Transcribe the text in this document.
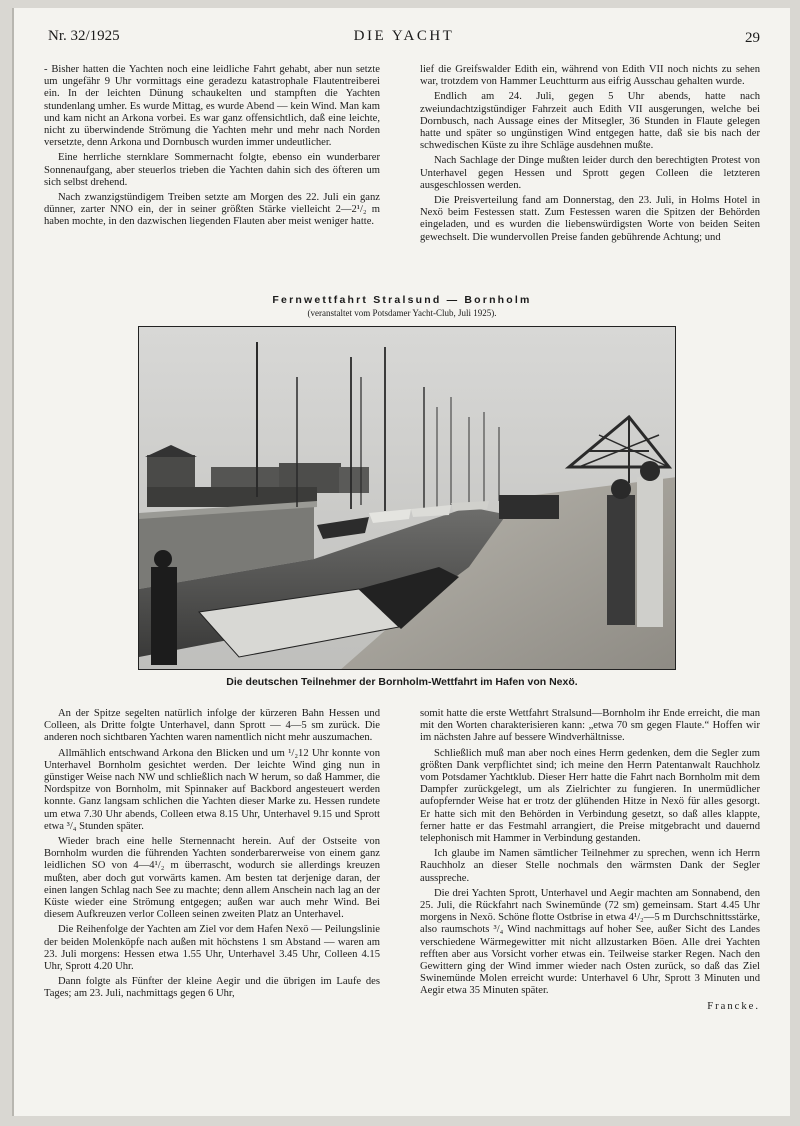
Nr. 32/1925	DIE YACHT	29

- Bisher hatten die Yachten noch eine leidliche Fahrt gehabt, aber nun setzte um ungefähr 9 Uhr vormittags eine geradezu katastrophale Flautentreiberei ein. In der leichten Dünung schaukelten und stampften die Yachten stundenlang umher. Es wurde Mittag, es wurde Abend — kein Wind. Man kam und kam nicht an Arkona vorbei. Es war ganz offensichtlich, daß eine leichte, nicht zu überwindende Strömung die Yachten mehr und mehr nach Norden versetzte, denn Arkona und Dornbusch wurden immer undeutlicher.

Eine herrliche sternklare Sommernacht folgte, ebenso ein wunderbarer Sonnenaufgang, aber steuerlos trieben die Yachten dahin sich des öfteren um sich selbst drehend.

Nach zwanzigstündigem Treiben setzte am Morgen des 22. Juli ein ganz dünner, zarter NNO ein, der in seiner größten Stärke vielleicht 2—2¹/₂ m haben mochte, in den dazwischen liegenden Flauten aber meist weniger hatte.

lief die Greifswalder Edith ein, während von Edith VII noch nichts zu sehen war, trotzdem von Hammer Leuchtturm aus eifrig Ausschau gehalten wurde.

Endlich am 24. Juli, gegen 5 Uhr abends, hatte nach zweiundachtzigstündiger Fahrzeit auch Edith VII ausgerungen, welche bei Dornbusch, nach Aussage eines der Mitsegler, 36 Stunden in Flaute gelegen hatte und später so ungünstigen Wind entgegen hatte, daß sie bis nach der schwedischen Küste zu ihre Schläge ausdehnen mußte.

Nach Sachlage der Dinge mußten leider durch den berechtigten Protest von Unterhavel gegen Hessen und Sprott gegen Colleen die letzteren ausgeschlossen werden.

Die Preisverteilung fand am Donnerstag, den 23. Juli, in Holms Hotel in Nexö beim Festessen statt. Zum Festessen waren die Spitzen der Behörden eingeladen, und es wurden die liebenswürdigsten Worte von beiden Seiten gewechselt. Die wundervollen Preise fanden gebührende Achtung; und

Fernwettfahrt Stralsund — Bornholm
(veranstaltet vom Potsdamer Yacht-Club, Juli 1925).
Die deutschen Teilnehmer der Bornholm-Wettfahrt im Hafen von Nexö.

An der Spitze segelten natürlich infolge der kürzeren Bahn Hessen und Colleen, als Dritte folgte Unterhavel, dann Sprott — 4—5 sm zurück. Die anderen noch sichtbaren Yachten waren namentlich nicht mehr auszumachen.

Allmählich entschwand Arkona den Blicken und um ¹/₂12 Uhr konnte von Unterhavel Bornholm gesichtet werden. Der leichte Wind ging nun in günstiger Weise nach NW und schließlich nach W herum, so daß Hammer, die Nordspitze von Bornholm, mit Spinnaker auf Backbord angesteuert werden konnte. Ganz langsam schlichen die Yachten dieser Marke zu. Hessen rundete um etwa 7.30 Uhr abends, Colleen etwa 8.15 Uhr, Unterhavel 9.15 und Sprott etwa ³/₄ Stunden später.

Wieder brach eine helle Sternennacht herein. Auf der Ostseite von Bornholm wurden die führenden Yachten sonderbarerweise von einem ganz leidlichen SO von 4—4¹/₂ m überrascht, wodurch sie allerdings kreuzen mußten, aber doch gut vorwärts kamen. Am besten tat derjenige daran, der einen langen Schlag nach See zu machte; denn allem Anschein nach lag an der Küste wieder eine Strömung entgegen; außen war auch mehr Wind. Bei diesem Aufkreuzen verlor Colleen seinen zweiten Platz an Unterhavel.

Die Reihenfolge der Yachten am Ziel vor dem Hafen Nexö — Peilungslinie der beiden Molenköpfe nach außen mit höchstens 1 sm Abstand — waren am 23. Juli morgens: Hessen etwa 1.55 Uhr, Unterhavel 3.45 Uhr, Colleen 4.15 Uhr, Sprott 4.20 Uhr.

Dann folgte als Fünfter der kleine Aegir und die übrigen im Laufe des Tages; am 23. Juli, nachmittags gegen 6 Uhr,

somit hatte die erste Wettfahrt Stralsund—Bornholm ihr Ende erreicht, die man mit den Worten charakterisieren kann: „etwa 70 sm gegen Flaute.“ Hoffen wir im nächsten Jahre auf bessere Windverhältnisse.

Schließlich muß man aber noch eines Herrn gedenken, dem die Segler zum größten Dank verpflichtet sind; ich meine den Herrn Patentanwalt Rauchholz vom Potsdamer Yachtklub. Dieser Herr hatte die Fahrt nach Bornholm mit dem Dampfer zurückgelegt, um als Zielrichter zu fungieren. In unermüdlicher aufopfernder Weise hat er trotz der glühenden Hitze in Nexö für alles gesorgt. Er hatte sich mit den Behörden in Verbindung gesetzt, so daß alles klappte, ferner hatte er das Festmahl arrangiert, die Preise mitgebracht und dauernd telephonisch mit Hammer in Verbindung gestanden.

Ich glaube im Namen sämtlicher Teilnehmer zu sprechen, wenn ich Herrn Rauchholz an dieser Stelle nochmals den wärmsten Dank der Segler ausspreche.

Die drei Yachten Sprott, Unterhavel und Aegir machten am Sonnabend, den 25. Juli, die Rückfahrt nach Swinemünde (72 sm) gemeinsam. Start 4.45 Uhr morgens in Nexö. Schöne flotte Ostbrise in etwa 4¹/₂—5 m Durchschnittsstärke, also raumschots ³/₄ Wind nachmittags auf hoher See, außer Sicht des Landes verschiedene Wärmegewitter mit nicht allzustarken Böen. Alle drei Yachten refften aber aus Vorsicht vorher etwas ein. Teilweise starker Regen. Nach den Gewittern ging der Wind immer wieder nach Osten zurück, so daß das Ziel Swinemünde Molen erreicht wurde: Unterhavel 6 Uhr, Sprott 3 Minuten und Aegir etwa 35 Minuten später.

Francke.
